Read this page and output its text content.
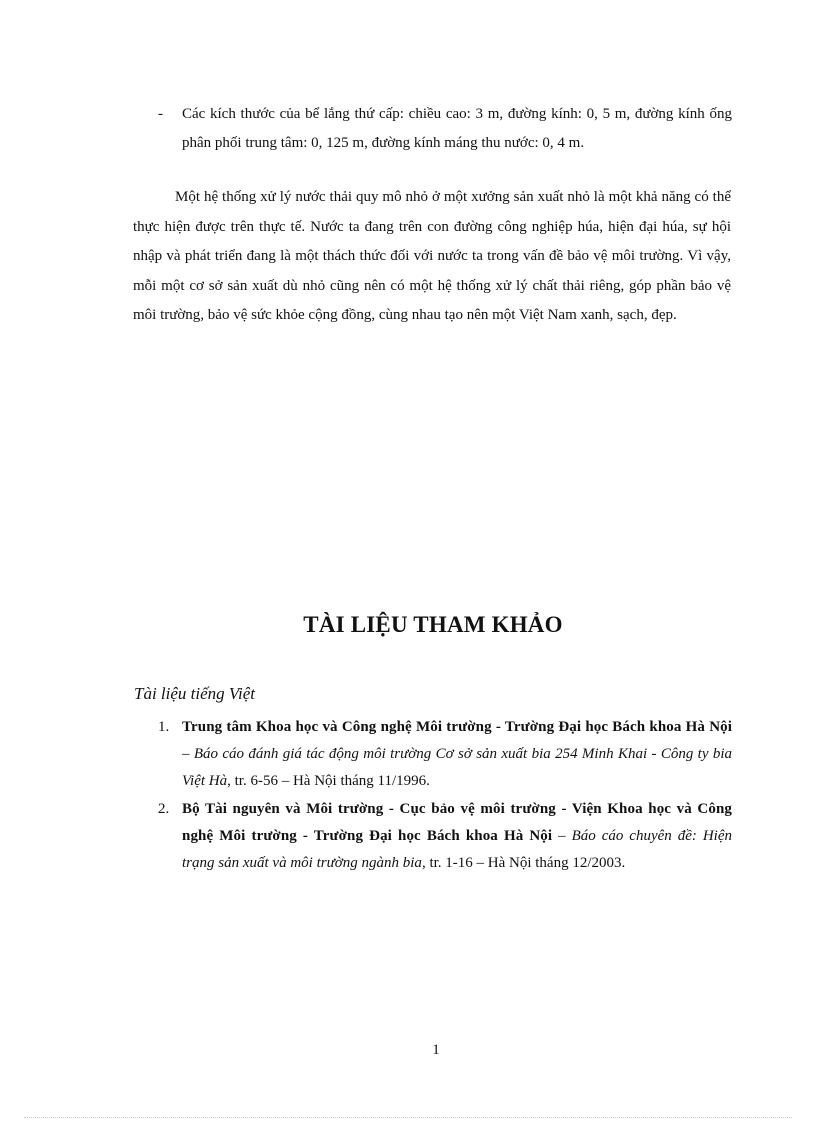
- Các kích thước của bể lắng thứ cấp: chiều cao: 3 m, đường kính: 0, 5 m, đường kính ống phân phối trung tâm: 0, 125 m, đường kính máng thu nước: 0, 4 m.

Một hệ thống xử lý nước thải quy mô nhỏ ở một xưởng sản xuất nhỏ là một khả năng có thể thực hiện được trên thực tế. Nước ta đang trên con đường công nghiệp húa, hiện đại húa, sự hội nhập và phát triển đang là một thách thức đối với nước ta trong vấn đề bảo vệ môi trường. Vì vậy, mỗi một cơ sở sản xuất dù nhỏ cũng nên có một hệ thống xử lý chất thải riêng, góp phần bảo vệ môi trường, bảo vệ sức khỏe cộng đồng, cùng nhau tạo nên một Việt Nam xanh, sạch, đẹp.

TÀI LIỆU THAM KHẢO

Tài liệu tiếng Việt

1. Trung tâm Khoa học và Công nghệ Môi trường - Trường Đại học Bách khoa Hà Nội – Báo cáo đánh giá tác động môi trường Cơ sở sản xuất bia 254 Minh Khai - Công ty bia Việt Hà, tr. 6-56 – Hà Nội tháng 11/1996.
2. Bộ Tài nguyên và Môi trường - Cục bảo vệ môi trường - Viện Khoa học và Công nghệ Môi trường - Trường Đại học Bách khoa Hà Nội – Báo cáo chuyên đề: Hiện trạng sản xuất và môi trường ngành bia, tr. 1-16 – Hà Nội tháng 12/2003.
1
